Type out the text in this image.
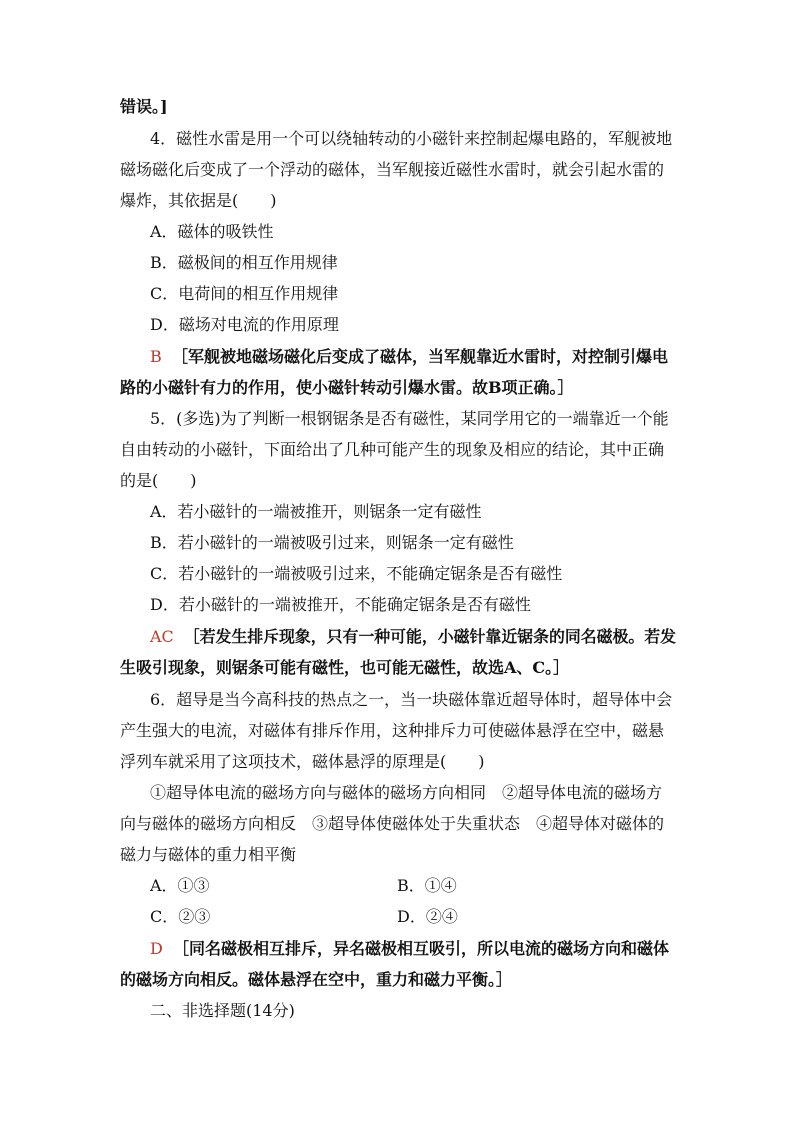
错误。]
4．磁性水雷是用一个可以绕轴转动的小磁针来控制起爆电路的，军舰被地
磁场磁化后变成了一个浮动的磁体，当军舰接近磁性水雷时，就会引起水雷的
爆炸，其依据是(　　)
A．磁体的吸铁性
B．磁极间的相互作用规律
C．电荷间的相互作用规律
D．磁场对电流的作用原理
B ［军舰被地磁场磁化后变成了磁体，当军舰靠近水雷时，对控制引爆电
路的小磁针有力的作用，使小磁针转动引爆水雷。故B项正确。］
5．(多选)为了判断一根钢锯条是否有磁性，某同学用它的一端靠近一个能
自由转动的小磁针，下面给出了几种可能产生的现象及相应的结论，其中正确
的是(　　)
A．若小磁针的一端被推开，则锯条一定有磁性
B．若小磁针的一端被吸引过来，则锯条一定有磁性
C．若小磁针的一端被吸引过来，不能确定锯条是否有磁性
D．若小磁针的一端被推开，不能确定锯条是否有磁性
AC ［若发生排斥现象，只有一种可能，小磁针靠近锯条的同名磁极。若发
生吸引现象，则锯条可能有磁性，也可能无磁性，故选A、C。］
6．超导是当今高科技的热点之一，当一块磁体靠近超导体时，超导体中会
产生强大的电流，对磁体有排斥作用，这种排斥力可使磁体悬浮在空中，磁悬
浮列车就采用了这项技术，磁体悬浮的原理是(　　)
①超导体电流的磁场方向与磁体的磁场方向相同　②超导体电流的磁场方
向与磁体的磁场方向相反　③超导体使磁体处于失重状态　④超导体对磁体的
磁力与磁体的重力相平衡
A．①③	B．①④
C．②③	D．②④
D ［同名磁极相互排斥，异名磁极相互吸引，所以电流的磁场方向和磁体
的磁场方向相反。磁体悬浮在空中，重力和磁力平衡。］
二、非选择题(14分)
